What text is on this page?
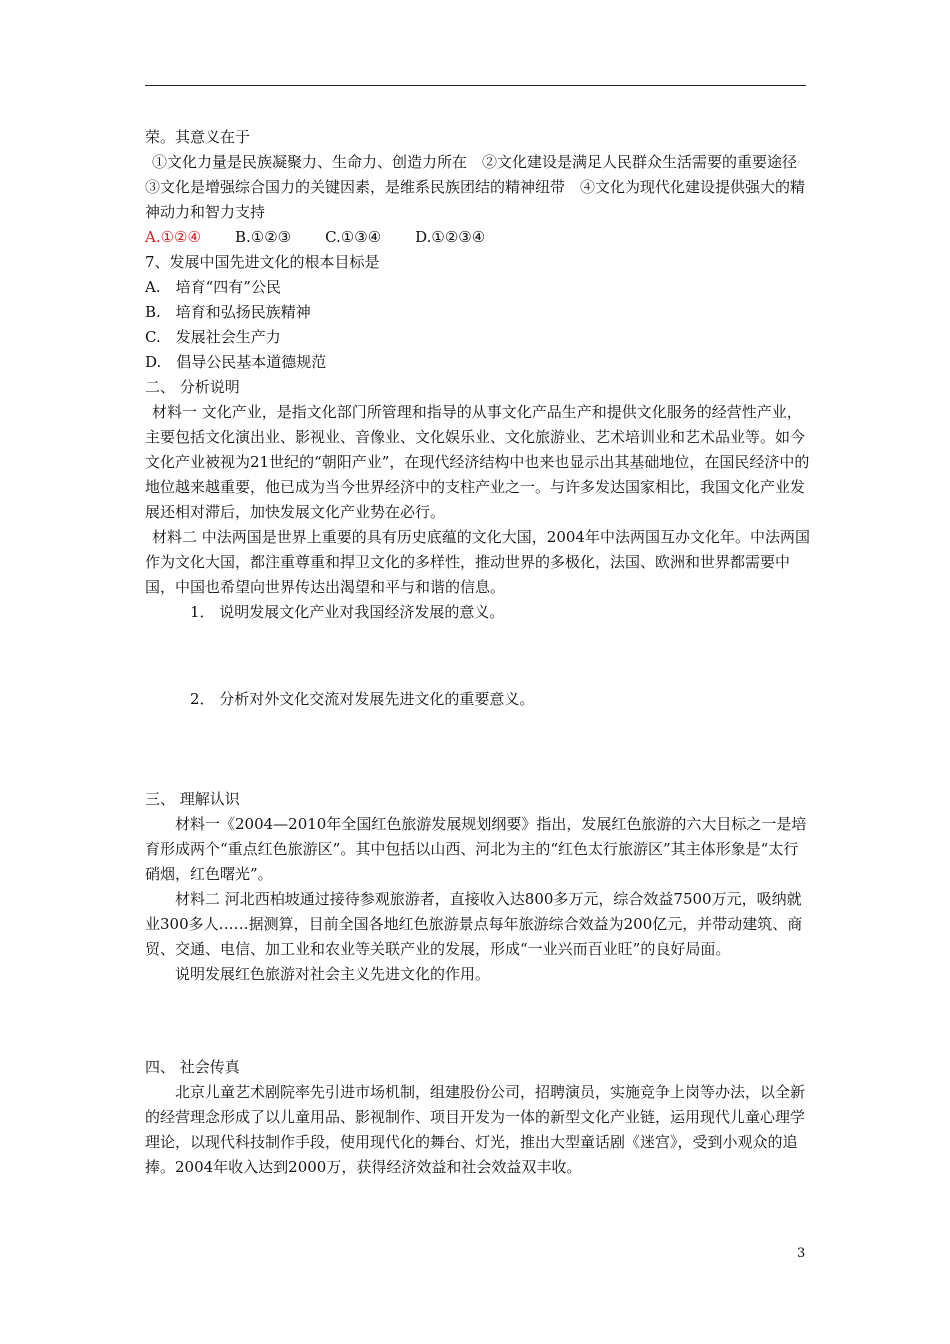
荣。其意义在于

①文化力量是民族凝聚力、生命力、创造力所在　②文化建设是满足人民群众生活需要的重要途径　③文化是增强综合国力的关键因素，是维系民族团结的精神纽带　④文化为现代化建设提供强大的精神动力和智力支持

A.①②④ B.①②③ C.①③④ D.①②③④

7、发展中国先进文化的根本目标是

A.　培育“四有”公民

B.　培育和弘扬民族精神

C.　发展社会生产力

D.　倡导公民基本道德规范

二、 分析说明

材料一 文化产业，是指文化部门所管理和指导的从事文化产品生产和提供文化服务的经营性产业，主要包括文化演出业、影视业、音像业、文化娱乐业、文化旅游业、艺术培训业和艺术品业等。如今文化产业被视为21世纪的“朝阳产业”，在现代经济结构中也来也显示出其基础地位，在国民经济中的地位越来越重要，他已成为当今世界经济中的支柱产业之一。与许多发达国家相比，我国文化产业发展还相对滞后，加快发展文化产业势在必行。

材料二 中法两国是世界上重要的具有历史底蕴的文化大国，2004年中法两国互办文化年。中法两国作为文化大国，都注重尊重和捍卫文化的多样性，推动世界的多极化，法国、欧洲和世界都需要中国，中国也希望向世界传达出渴望和平与和谐的信息。

1． 说明发展文化产业对我国经济发展的意义。

2． 分析对外文化交流对发展先进文化的重要意义。

三、 理解认识

材料一《2004—2010年全国红色旅游发展规划纲要》指出，发展红色旅游的六大目标之一是培育形成两个“重点红色旅游区”。其中包括以山西、河北为主的“红色太行旅游区”其主体形象是“太行硝烟，红色曙光”。

材料二 河北西柏坡通过接待参观旅游者，直接收入达800多万元，综合效益7500万元，吸纳就业300多人……据测算，目前全国各地红色旅游景点每年旅游综合效益为200亿元，并带动建筑、商贸、交通、电信、加工业和农业等关联产业的发展，形成“一业兴而百业旺”的良好局面。

说明发展红色旅游对社会主义先进文化的作用。

四、 社会传真

北京儿童艺术剧院率先引进市场机制，组建股份公司，招聘演员，实施竞争上岗等办法，以全新的经营理念形成了以儿童用品、影视制作、项目开发为一体的新型文化产业链，运用现代儿童心理学理论，以现代科技制作手段，使用现代化的舞台、灯光，推出大型童话剧《迷宫》，受到小观众的追捧。2004年收入达到2000万，获得经济效益和社会效益双丰收。

3
